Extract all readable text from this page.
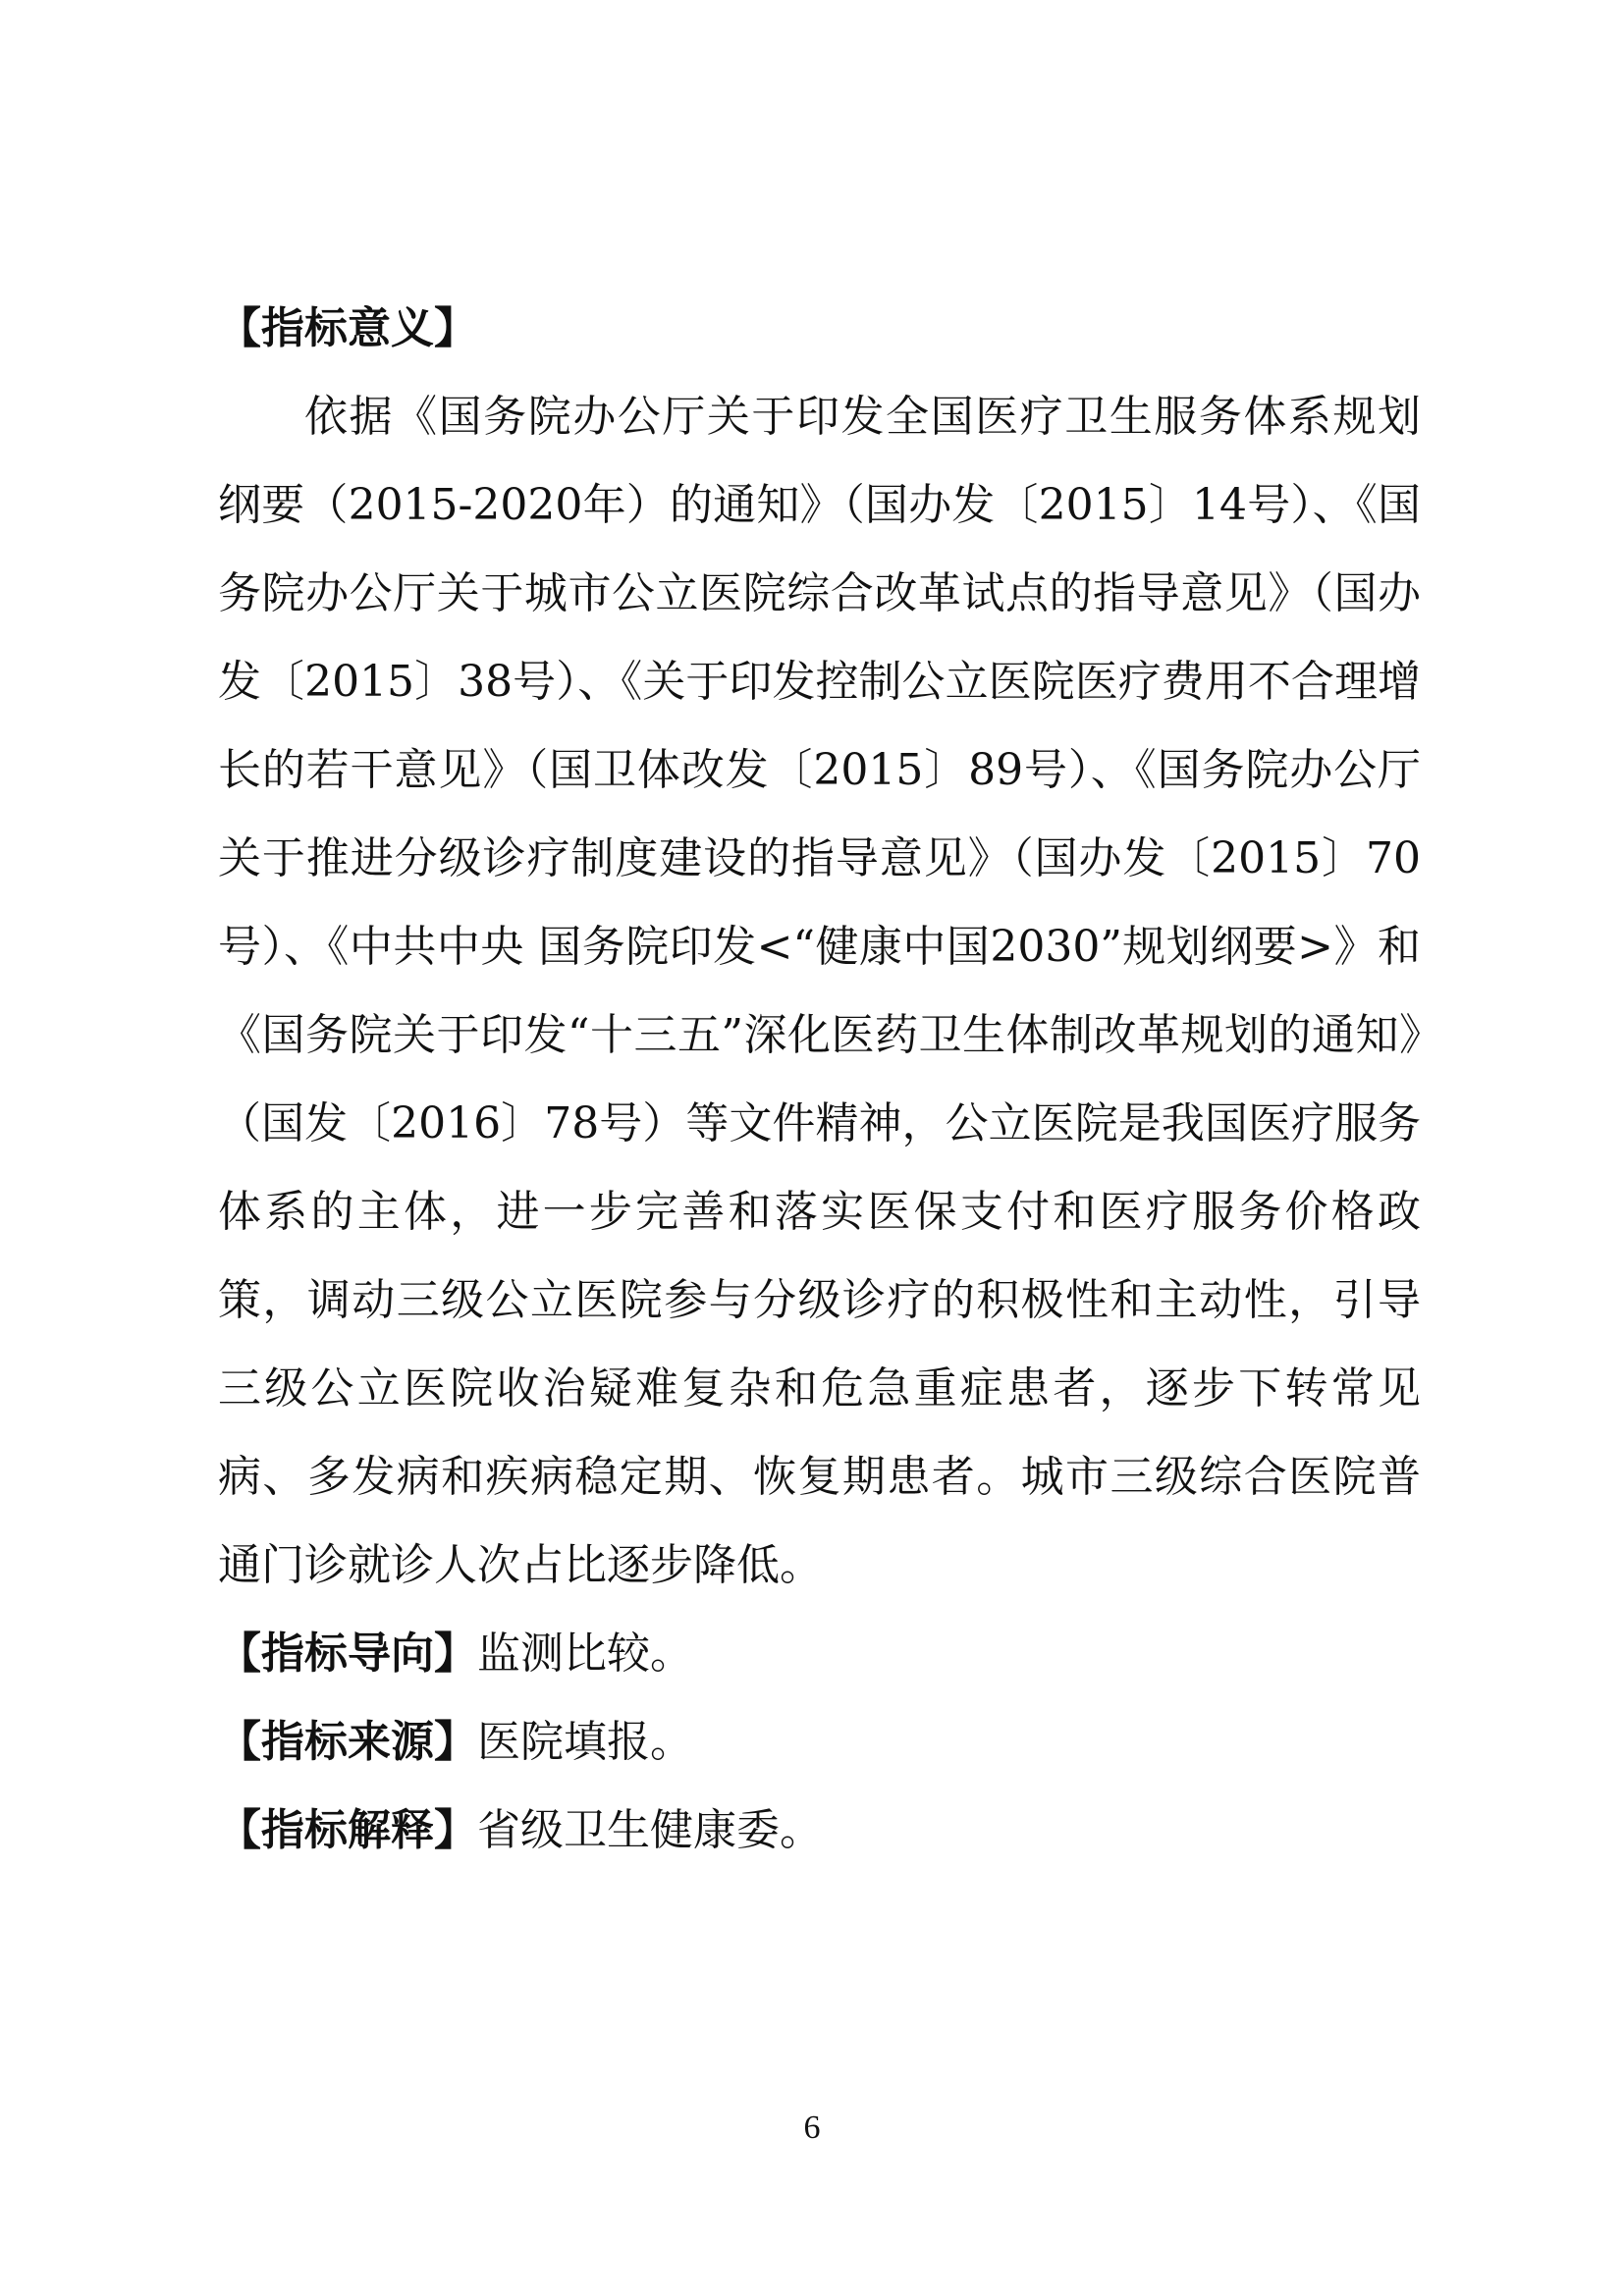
【指标意义】

依据《国务院办公厅关于印发全国医疗卫生服务体系规划纲要（2015-2020年）的通知》（国办发〔2015〕14号）、《国务院办公厅关于城市公立医院综合改革试点的指导意见》（国办发〔2015〕38号）、《关于印发控制公立医院医疗费用不合理增长的若干意见》（国卫体改发〔2015〕89号）、《国务院办公厅关于推进分级诊疗制度建设的指导意见》（国办发〔2015〕70号）、《中共中央 国务院印发<“健康中国2030”规划纲要>》和《国务院关于印发“十三五”深化医药卫生体制改革规划的通知》（国发〔2016〕78号）等文件精神，公立医院是我国医疗服务体系的主体，进一步完善和落实医保支付和医疗服务价格政策，调动三级公立医院参与分级诊疗的积极性和主动性，引导三级公立医院收治疑难复杂和危急重症患者，逐步下转常见病、多发病和疾病稳定期、恢复期患者。城市三级综合医院普通门诊就诊人次占比逐步降低。

【指标导向】监测比较。
【指标来源】医院填报。
【指标解释】省级卫生健康委。
6
